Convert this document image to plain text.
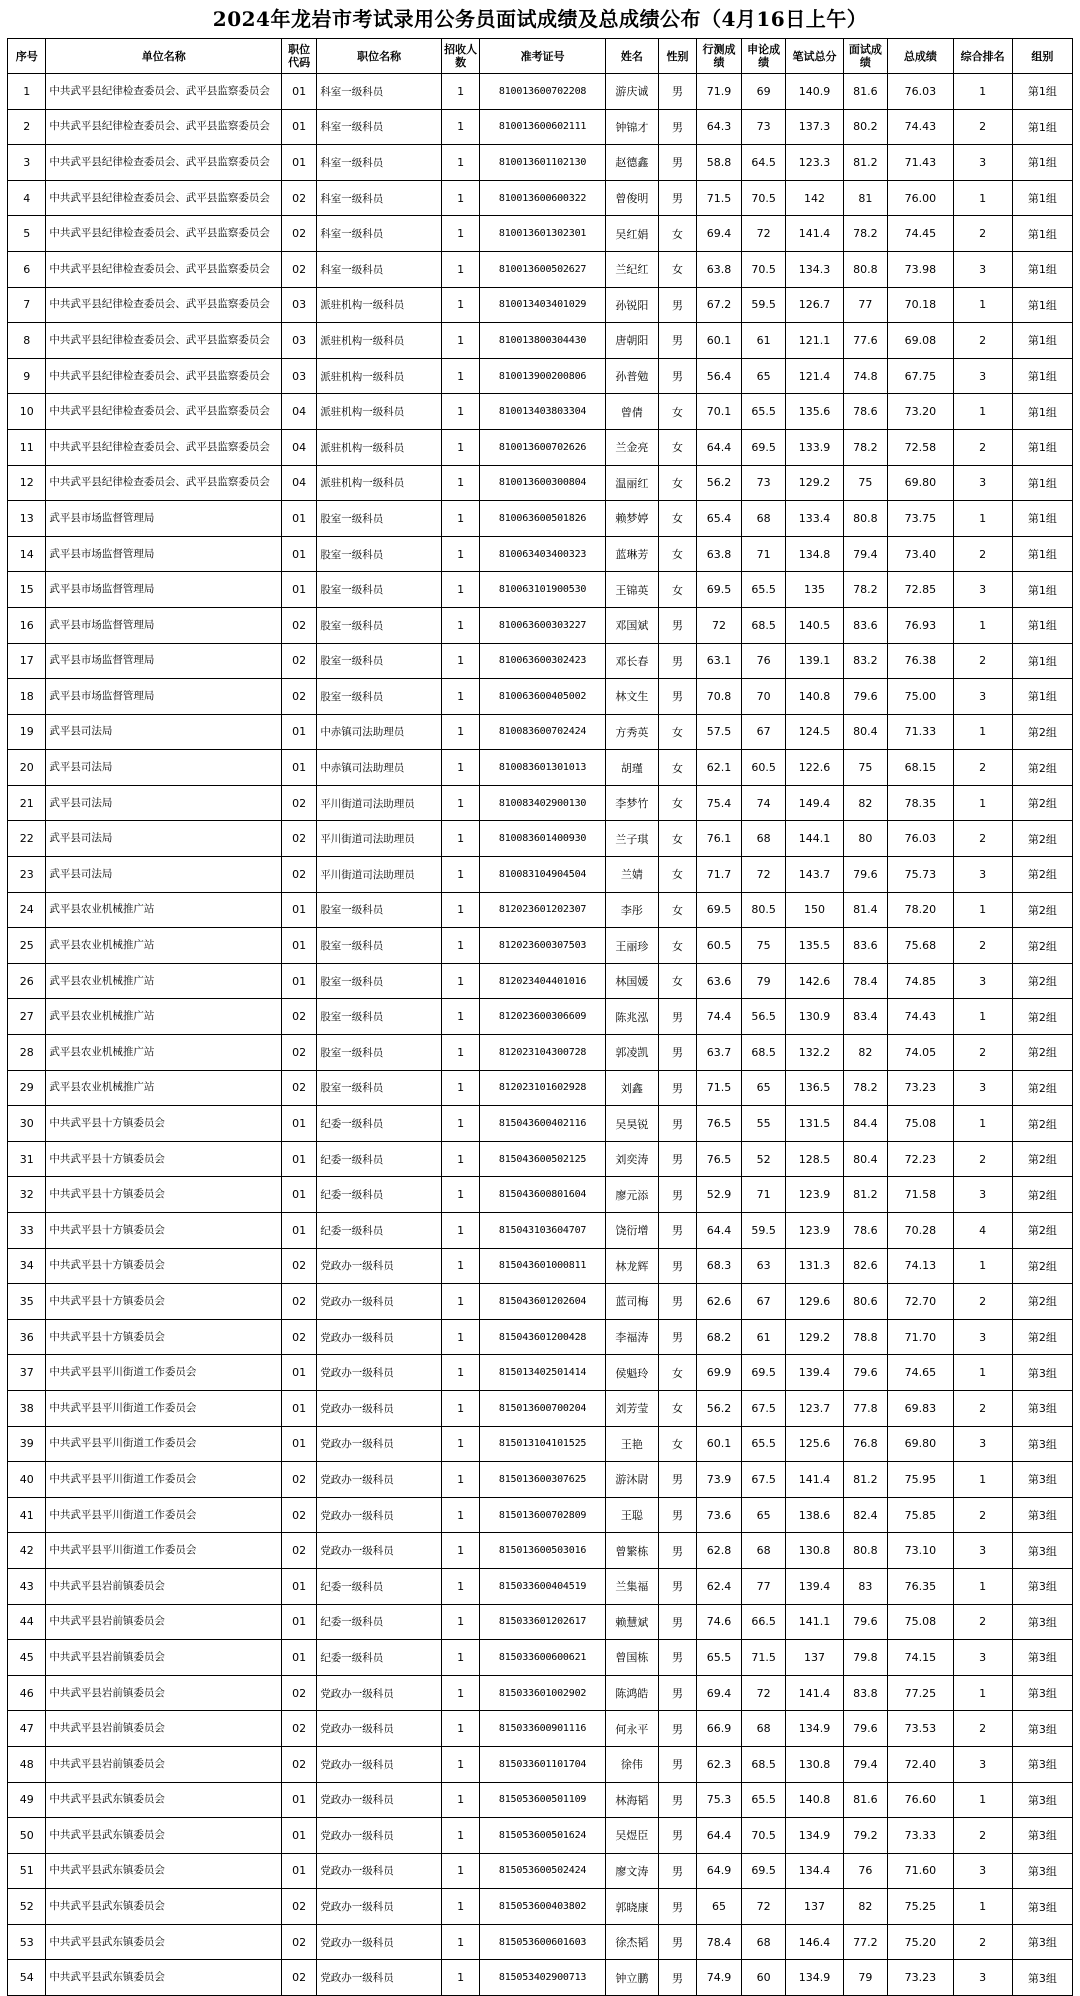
2024年龙岩市考试录用公务员面试成绩及总成绩公布（4月16日上午）
序号	单位名称	职位代码	职位名称	招收人数	准考证号	姓名	性别	行测成绩	申论成绩	笔试总分	面试成绩	总成绩	综合排名	组别
1	中共武平县纪律检查委员会、武平县监察委员会	01	科室一级科员	1	810013600702208	游庆诚	男	71.9	69	140.9	81.6	76.03	1	第1组
2	中共武平县纪律检查委员会、武平县监察委员会	01	科室一级科员	1	810013600602111	钟锦才	男	64.3	73	137.3	80.2	74.43	2	第1组
3	中共武平县纪律检查委员会、武平县监察委员会	01	科室一级科员	1	810013601102130	赵德鑫	男	58.8	64.5	123.3	81.2	71.43	3	第1组
4	中共武平县纪律检查委员会、武平县监察委员会	02	科室一级科员	1	810013600600322	曾俊明	男	71.5	70.5	142	81	76.00	1	第1组
5	中共武平县纪律检查委员会、武平县监察委员会	02	科室一级科员	1	810013601302301	吴红娟	女	69.4	72	141.4	78.2	74.45	2	第1组
6	中共武平县纪律检查委员会、武平县监察委员会	02	科室一级科员	1	810013600502627	兰纪红	女	63.8	70.5	134.3	80.8	73.98	3	第1组
7	中共武平县纪律检查委员会、武平县监察委员会	03	派驻机构一级科员	1	810013403401029	孙锐阳	男	67.2	59.5	126.7	77	70.18	1	第1组
8	中共武平县纪律检查委员会、武平县监察委员会	03	派驻机构一级科员	1	810013800304430	唐朝阳	男	60.1	61	121.1	77.6	69.08	2	第1组
9	中共武平县纪律检查委员会、武平县监察委员会	03	派驻机构一级科员	1	810013900200806	孙普勉	男	56.4	65	121.4	74.8	67.75	3	第1组
10	中共武平县纪律检查委员会、武平县监察委员会	04	派驻机构一级科员	1	810013403803304	曾倩	女	70.1	65.5	135.6	78.6	73.20	1	第1组
11	中共武平县纪律检查委员会、武平县监察委员会	04	派驻机构一级科员	1	810013600702626	兰金亮	女	64.4	69.5	133.9	78.2	72.58	2	第1组
12	中共武平县纪律检查委员会、武平县监察委员会	04	派驻机构一级科员	1	810013600300804	温丽红	女	56.2	73	129.2	75	69.80	3	第1组
13	武平县市场监督管理局	01	股室一级科员	1	810063600501826	赖梦婷	女	65.4	68	133.4	80.8	73.75	1	第1组
14	武平县市场监督管理局	01	股室一级科员	1	810063403400323	蓝琳芳	女	63.8	71	134.8	79.4	73.40	2	第1组
15	武平县市场监督管理局	01	股室一级科员	1	810063101900530	王锦英	女	69.5	65.5	135	78.2	72.85	3	第1组
16	武平县市场监督管理局	02	股室一级科员	1	810063600303227	邓国斌	男	72	68.5	140.5	83.6	76.93	1	第1组
17	武平县市场监督管理局	02	股室一级科员	1	810063600302423	邓长春	男	63.1	76	139.1	83.2	76.38	2	第1组
18	武平县市场监督管理局	02	股室一级科员	1	810063600405002	林文生	男	70.8	70	140.8	79.6	75.00	3	第1组
19	武平县司法局	01	中赤镇司法助理员	1	810083600702424	方秀英	女	57.5	67	124.5	80.4	71.33	1	第2组
20	武平县司法局	01	中赤镇司法助理员	1	810083601301013	胡瑾	女	62.1	60.5	122.6	75	68.15	2	第2组
21	武平县司法局	02	平川街道司法助理员	1	810083402900130	李梦竹	女	75.4	74	149.4	82	78.35	1	第2组
22	武平县司法局	02	平川街道司法助理员	1	810083601400930	兰子琪	女	76.1	68	144.1	80	76.03	2	第2组
23	武平县司法局	02	平川街道司法助理员	1	810083104904504	兰婧	女	71.7	72	143.7	79.6	75.73	3	第2组
24	武平县农业机械推广站	01	股室一级科员	1	812023601202307	李彤	女	69.5	80.5	150	81.4	78.20	1	第2组
25	武平县农业机械推广站	01	股室一级科员	1	812023600307503	王丽珍	女	60.5	75	135.5	83.6	75.68	2	第2组
26	武平县农业机械推广站	01	股室一级科员	1	812023404401016	林国媛	女	63.6	79	142.6	78.4	74.85	3	第2组
27	武平县农业机械推广站	02	股室一级科员	1	812023600306609	陈兆泓	男	74.4	56.5	130.9	83.4	74.43	1	第2组
28	武平县农业机械推广站	02	股室一级科员	1	812023104300728	郭凌凯	男	63.7	68.5	132.2	82	74.05	2	第2组
29	武平县农业机械推广站	02	股室一级科员	1	812023101602928	刘鑫	男	71.5	65	136.5	78.2	73.23	3	第2组
30	中共武平县十方镇委员会	01	纪委一级科员	1	815043600402116	吴昊锐	男	76.5	55	131.5	84.4	75.08	1	第2组
31	中共武平县十方镇委员会	01	纪委一级科员	1	815043600502125	刘奕涛	男	76.5	52	128.5	80.4	72.23	2	第2组
32	中共武平县十方镇委员会	01	纪委一级科员	1	815043600801604	廖元添	男	52.9	71	123.9	81.2	71.58	3	第2组
33	中共武平县十方镇委员会	01	纪委一级科员	1	815043103604707	饶衍增	男	64.4	59.5	123.9	78.6	70.28	4	第2组
34	中共武平县十方镇委员会	02	党政办一级科员	1	815043601000811	林龙辉	男	68.3	63	131.3	82.6	74.13	1	第2组
35	中共武平县十方镇委员会	02	党政办一级科员	1	815043601202604	蓝司梅	男	62.6	67	129.6	80.6	72.70	2	第2组
36	中共武平县十方镇委员会	02	党政办一级科员	1	815043601200428	李福涛	男	68.2	61	129.2	78.8	71.70	3	第2组
37	中共武平县平川街道工作委员会	01	党政办一级科员	1	815013402501414	侯魁玲	女	69.9	69.5	139.4	79.6	74.65	1	第3组
38	中共武平县平川街道工作委员会	01	党政办一级科员	1	815013600700204	刘芳莹	女	56.2	67.5	123.7	77.8	69.83	2	第3组
39	中共武平县平川街道工作委员会	01	党政办一级科员	1	815013104101525	王艳	女	60.1	65.5	125.6	76.8	69.80	3	第3组
40	中共武平县平川街道工作委员会	02	党政办一级科员	1	815013600307625	游沐尉	男	73.9	67.5	141.4	81.2	75.95	1	第3组
41	中共武平县平川街道工作委员会	02	党政办一级科员	1	815013600702809	王聪	男	73.6	65	138.6	82.4	75.85	2	第3组
42	中共武平县平川街道工作委员会	02	党政办一级科员	1	815013600503016	曾繁栋	男	62.8	68	130.8	80.8	73.10	3	第3组
43	中共武平县岩前镇委员会	01	纪委一级科员	1	815033600404519	兰集福	男	62.4	77	139.4	83	76.35	1	第3组
44	中共武平县岩前镇委员会	01	纪委一级科员	1	815033601202617	赖慧斌	男	74.6	66.5	141.1	79.6	75.08	2	第3组
45	中共武平县岩前镇委员会	01	纪委一级科员	1	815033600600621	曾国栋	男	65.5	71.5	137	79.8	74.15	3	第3组
46	中共武平县岩前镇委员会	02	党政办一级科员	1	815033601002902	陈鸿皓	男	69.4	72	141.4	83.8	77.25	1	第3组
47	中共武平县岩前镇委员会	02	党政办一级科员	1	815033600901116	何永平	男	66.9	68	134.9	79.6	73.53	2	第3组
48	中共武平县岩前镇委员会	02	党政办一级科员	1	815033601101704	徐伟	男	62.3	68.5	130.8	79.4	72.40	3	第3组
49	中共武平县武东镇委员会	01	党政办一级科员	1	815053600501109	林海韬	男	75.3	65.5	140.8	81.6	76.60	1	第3组
50	中共武平县武东镇委员会	01	党政办一级科员	1	815053600501624	吴煜臣	男	64.4	70.5	134.9	79.2	73.33	2	第3组
51	中共武平县武东镇委员会	01	党政办一级科员	1	815053600502424	廖文涛	男	64.9	69.5	134.4	76	71.60	3	第3组
52	中共武平县武东镇委员会	02	党政办一级科员	1	815053600403802	郭晓康	男	65	72	137	82	75.25	1	第3组
53	中共武平县武东镇委员会	02	党政办一级科员	1	815053600601603	徐杰韬	男	78.4	68	146.4	77.2	75.20	2	第3组
54	中共武平县武东镇委员会	02	党政办一级科员	1	815053402900713	钟立鹏	男	74.9	60	134.9	79	73.23	3	第3组
